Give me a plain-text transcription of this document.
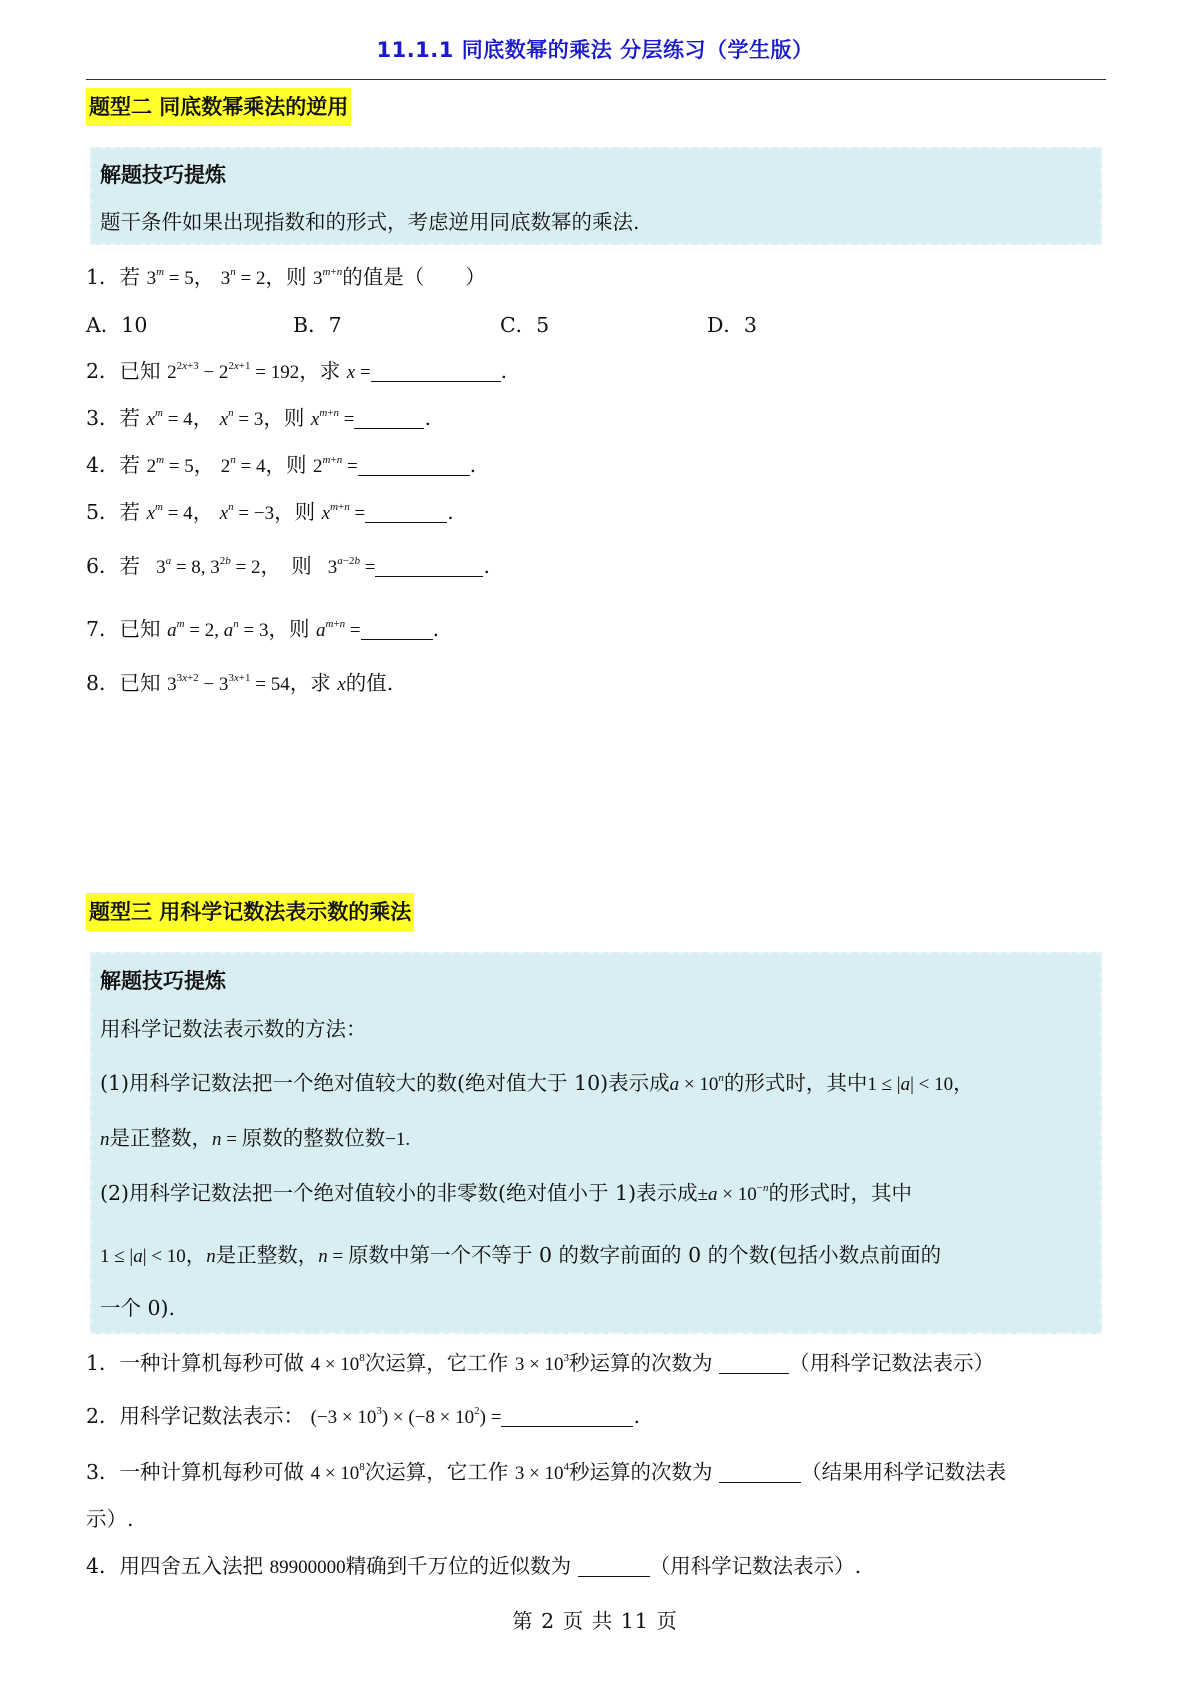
11.1.1 同底数幂的乘法 分层练习（学生版）
题型二 同底数幂乘法的逆用
解题技巧提炼
题干条件如果出现指数和的形式，考虑逆用同底数幂的乘法.
1．若 $3^m = 5$， $3^n = 2$，则 $3^{m+n}$的值是（　　）
A．10	B．7	C．5	D．3
2．已知 $2^{2x+3} - 2^{2x+1} = 192$，求 x =	.
3．若 $x^m = 4$， $x^n = 3$，则 $x^{m+n}$ =	.
4．若 $2^m = 5$， $2^n = 4$，则 $2^{m+n}$ =	.
5．若 $x^m = 4$， $x^n = -3$，则 $x^{m+n}$ =	.
6．若   $3^a = 8$, $3^{2b} = 2$，　则   $3^{a-2b}$ =	.
7．已知 $a^m = 2$, $a^n = 3$，则 $a^{m+n}$ =	.
8．已知 $3^{3x+2} - 3^{3x+1} = 54$，求 x的值.
题型三 用科学记数法表示数的乘法
解题技巧提炼
用科学记数法表示数的方法：
(1)用科学记数法把一个绝对值较大的数(绝对值大于 10)表示成$a \times 10^n$的形式时，其中1 ≤ |a| < 10，
n是正整数，n = 原数的整数位数−1.
(2)用科学记数法把一个绝对值较小的非零数(绝对值小于 1)表示成$\pm a \times 10^{-n}$的形式时，其中
1 ≤ |a| < 10，n是正整数，n = 原数中第一个不等于 0 的数字前面的 0 的个数(包括小数点前面的
一个 0).
1．一种计算机每秒可做 $4 \times 10^8$次运算，它工作 $3 \times 10^3$秒运算的次数为	（用科学记数法表示）
2．用科学记数法表示： $(-3 \times 10^3) \times (-8 \times 10^2)$ =	.
3．一种计算机每秒可做 $4 \times 10^8$次运算，它工作 $3 \times 10^4$秒运算的次数为	（结果用科学记数法表
示）.
4．用四舍五入法把 89900000精确到千万位的近似数为	（用科学记数法表示）.
第 2 页 共 11 页
